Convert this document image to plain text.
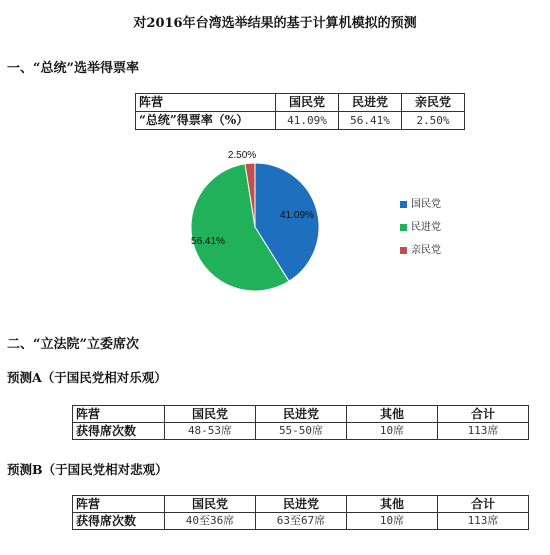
对2016年台湾选举结果的基于计算机模拟的预测
一、“总统”选举得票率
阵营	国民党	民进党	亲民党
“总统”得票率（%）	41.09%	56.41%	2.50%
41.09%
56.41%
2.50%
国民党
民进党
亲民党
二、“立法院”立委席次
预测A（于国民党相对乐观）
阵营	国民党	民进党	其他	合计
获得席次数	48-53席	55-50席	10席	113席
预测B（于国民党相对悲观）
阵营	国民党	民进党	其他	合计
获得席次数	40至36席	63至67席	10席	113席
